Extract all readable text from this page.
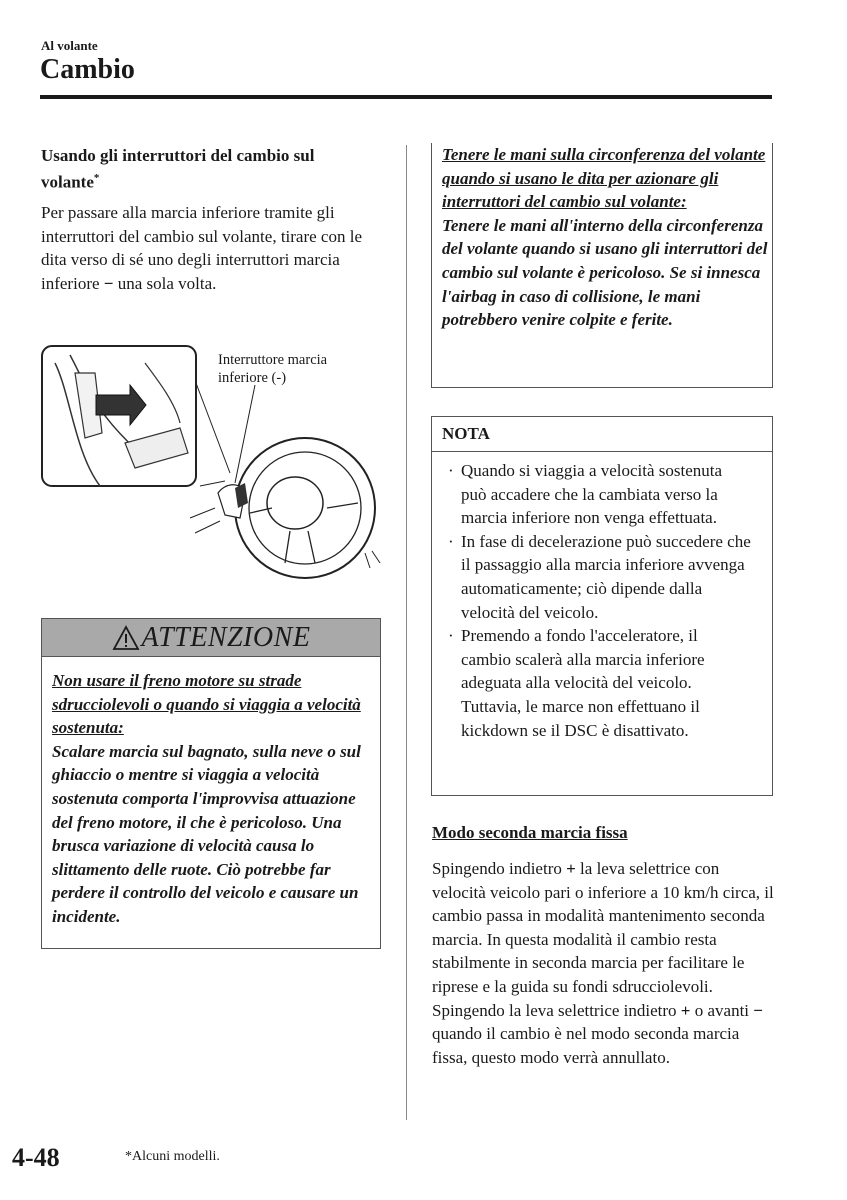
Al volante
Cambio
Usando gli interruttori del cambio sul volante*
Per passare alla marcia inferiore tramite gli interruttori del cambio sul volante, tirare con le dita verso di sé uno degli interruttori marcia inferiore − una sola volta.
Interruttore marcia
inferiore (-)
ATTENZIONE
Non usare il freno motore su strade sdrucciolevoli o quando si viaggia a velocità sostenuta:
Scalare marcia sul bagnato, sulla neve o sul ghiaccio o mentre si viaggia a velocità sostenuta comporta l'improvvisa attuazione del freno motore, il che è pericoloso. Una brusca variazione di velocità causa lo slittamento delle ruote. Ciò potrebbe far perdere il controllo del veicolo e causare un incidente.
Tenere le mani sulla circonferenza del volante quando si usano le dita per azionare gli interruttori del cambio sul volante:
Tenere le mani all'interno della circonferenza del volante quando si usano gli interruttori del cambio sul volante è pericoloso. Se si innesca l'airbag in caso di collisione, le mani potrebbero venire colpite e ferite.
NOTA
· Quando si viaggia a velocità sostenuta può accadere che la cambiata verso la marcia inferiore non venga effettuata.
· In fase di decelerazione può succedere che il passaggio alla marcia inferiore avvenga automaticamente; ciò dipende dalla velocità del veicolo.
· Premendo a fondo l'acceleratore, il cambio scalerà alla marcia inferiore adeguata alla velocità del veicolo. Tuttavia, le marce non effettuano il kickdown se il DSC è disattivato.
Modo seconda marcia fissa
Spingendo indietro + la leva selettrice con velocità veicolo pari o inferiore a 10 km/h circa, il cambio passa in modalità mantenimento seconda marcia. In questa modalità il cambio resta stabilmente in seconda marcia per facilitare le riprese e la guida su fondi sdrucciolevoli.
Spingendo la leva selettrice indietro + o avanti − quando il cambio è nel modo seconda marcia fissa, questo modo verrà annullato.
4-48	*Alcuni modelli.
